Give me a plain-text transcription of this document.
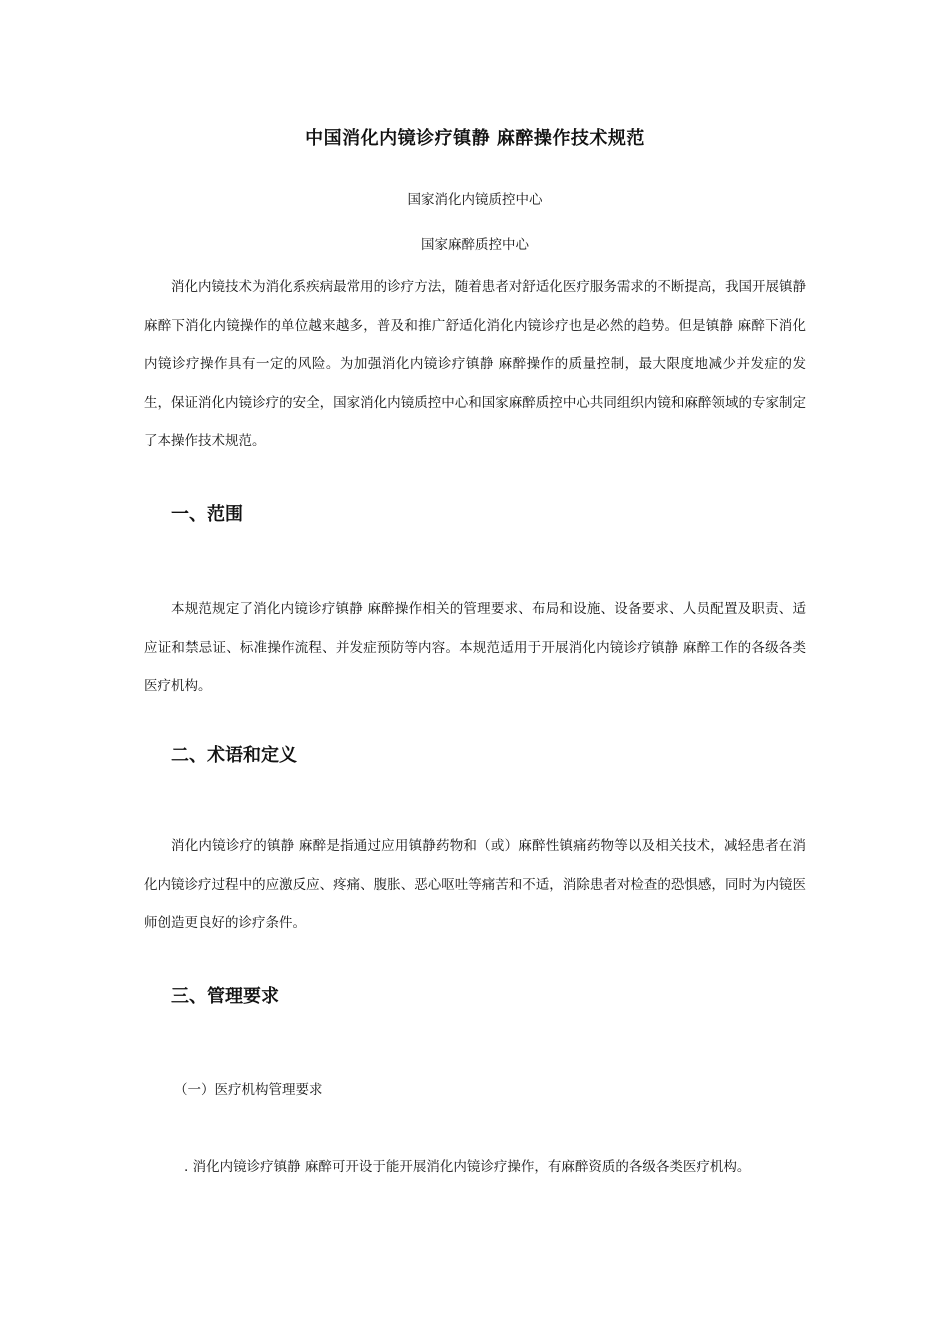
中国消化内镜诊疗镇静 麻醉操作技术规范
国家消化内镜质控中心
国家麻醉质控中心

消化内镜技术为消化系疾病最常用的诊疗方法，随着患者对舒适化医疗服务需求的不断提高，我国开展镇静 麻醉下消化内镜操作的单位越来越多，普及和推广舒适化消化内镜诊疗也是必然的趋势。但是镇静 麻醉下消化内镜诊疗操作具有一定的风险。为加强消化内镜诊疗镇静 麻醉操作的质量控制，最大限度地减少并发症的发生，保证消化内镜诊疗的安全，国家消化内镜质控中心和国家麻醉质控中心共同组织内镜和麻醉领域的专家制定了本操作技术规范。

一、范围

本规范规定了消化内镜诊疗镇静 麻醉操作相关的管理要求、布局和设施、设备要求、人员配置及职责、适应证和禁忌证、标准操作流程、并发症预防等内容。本规范适用于开展消化内镜诊疗镇静 麻醉工作的各级各类医疗机构。

二、术语和定义

消化内镜诊疗的镇静 麻醉是指通过应用镇静药物和（或）麻醉性镇痛药物等以及相关技术，减轻患者在消化内镜诊疗过程中的应激反应、疼痛、腹胀、恶心呕吐等痛苦和不适，消除患者对检查的恐惧感，同时为内镜医师创造更良好的诊疗条件。

三、管理要求
（一）医疗机构管理要求
. 消化内镜诊疗镇静 麻醉可开设于能开展消化内镜诊疗操作，有麻醉资质的各级各类医疗机构。
